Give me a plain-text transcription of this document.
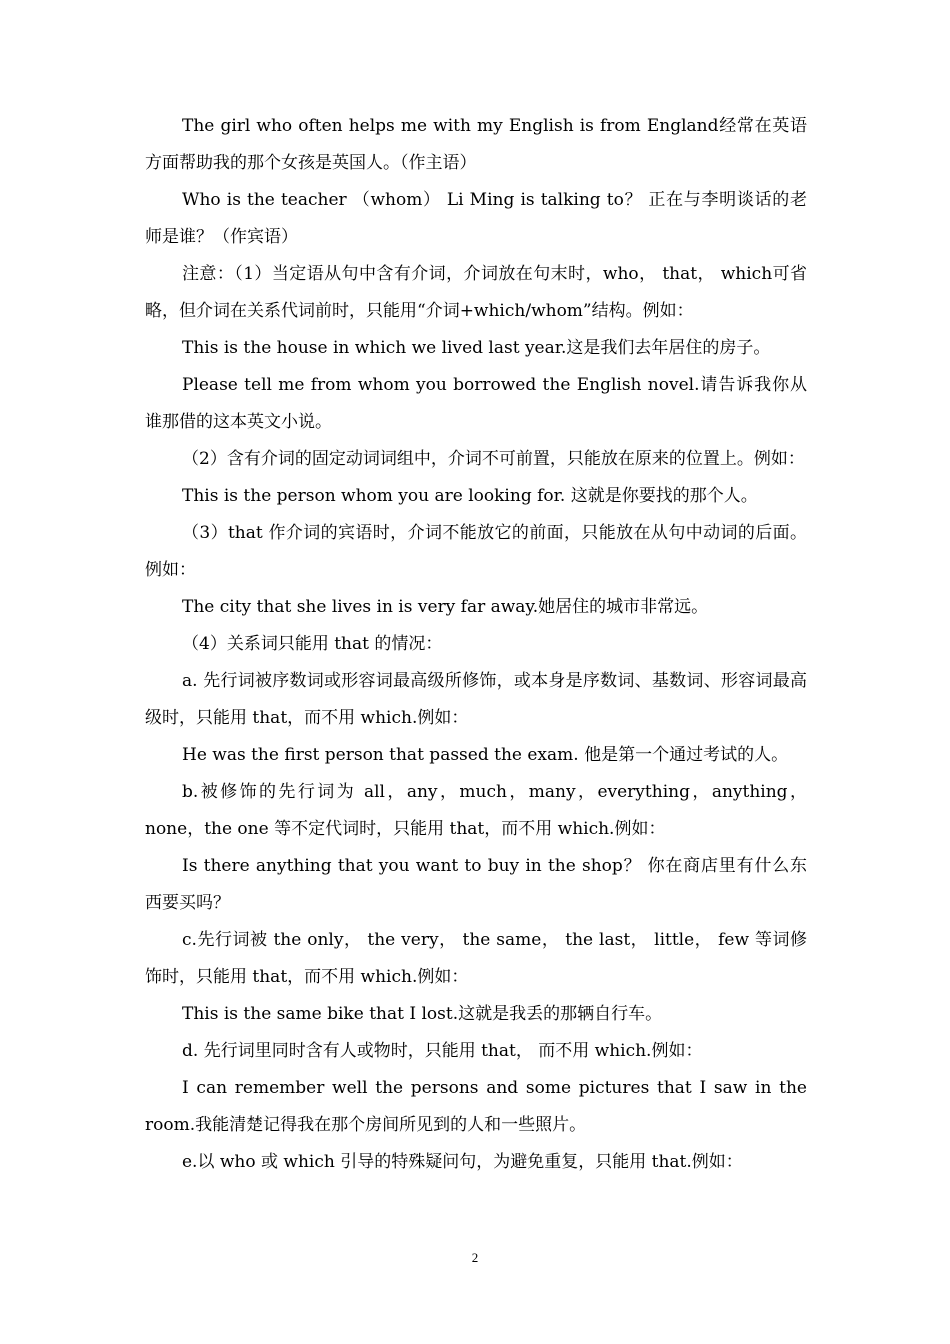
The girl who often helps me with my English is from England经常在英语方面帮助我的那个女孩是英国人。（作主语）

Who is the teacher （whom） Li Ming is talking to？ 正在与李明谈话的老师是谁？（作宾语）

注意：（1）当定语从句中含有介词，介词放在句末时，who， that， which可省略，但介词在关系代词前时，只能用“介词+which/whom”结构。例如：

This is the house in which we lived last year.这是我们去年居住的房子。

Please tell me from whom you borrowed the English novel.请告诉我你从谁那借的这本英文小说。

（2）含有介词的固定动词词组中，介词不可前置，只能放在原来的位置上。例如：

This is the person whom you are looking for. 这就是你要找的那个人。

（3）that 作介词的宾语时，介词不能放它的前面，只能放在从句中动词的后面。例如：

The city that she lives in is very far away.她居住的城市非常远。

（4）关系词只能用 that 的情况：

a. 先行词被序数词或形容词最高级所修饰，或本身是序数词、基数词、形容词最高级时，只能用 that，而不用 which.例如：

He was the first person that passed the exam. 他是第一个通过考试的人。

b.被修饰的先行词为 all，any，much，many，everything，anything，none，the one 等不定代词时，只能用 that，而不用 which.例如：

Is there anything that you want to buy in the shop？ 你在商店里有什么东西要买吗？

c.先行词被 the only， the very， the same， the last， little， few 等词修饰时，只能用 that，而不用 which.例如：

This is the same bike that I lost.这就是我丢的那辆自行车。

d. 先行词里同时含有人或物时，只能用 that， 而不用 which.例如：

I can remember well the persons and some pictures that I saw in the room.我能清楚记得我在那个房间所见到的人和一些照片。

e.以 who 或 which 引导的特殊疑问句，为避免重复，只能用 that.例如：

2
